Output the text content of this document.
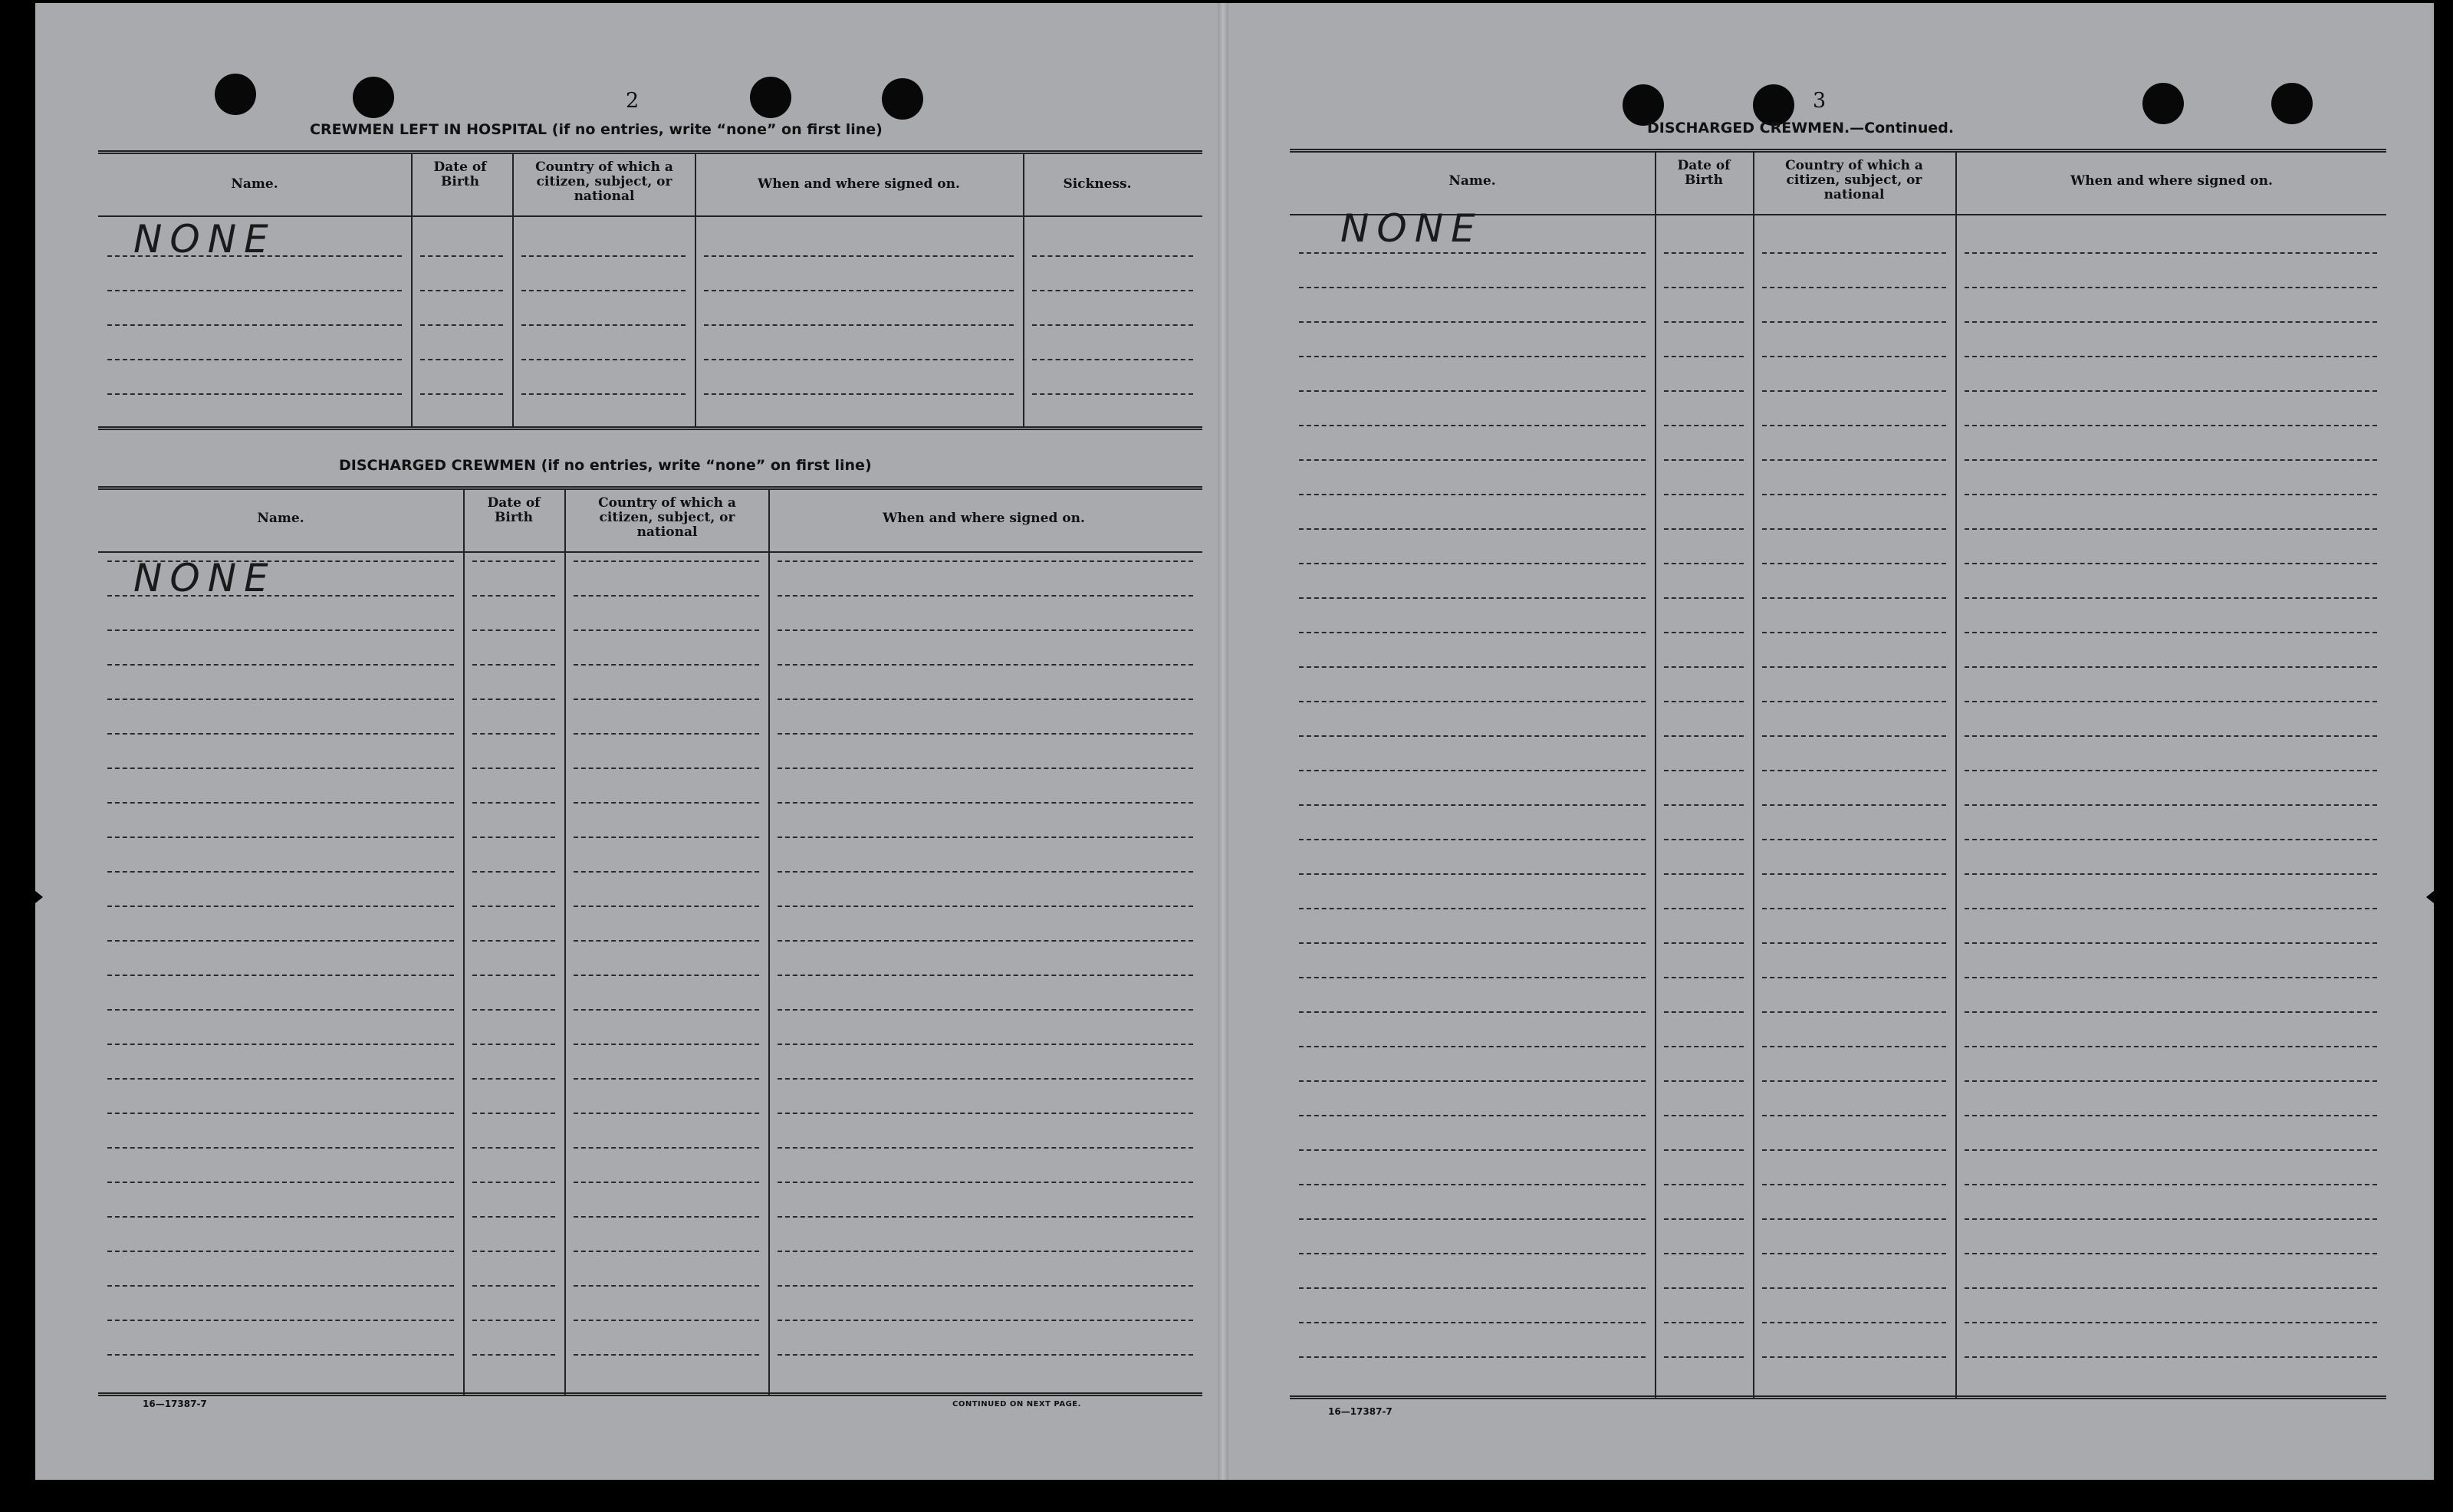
2
CREWMEN LEFT IN HOSPITAL (if no entries, write “none” on first line)
Name.
Date of Birth
Country of which a citizen, subject, or national
When and where signed on.	Sickness.
NONE
DISCHARGED CREWMEN (if no entries, write “none” on first line)
Name.
Date of Birth
Country of which a citizen, subject, or national
When and where signed on.
NONE
16—17387-7	CONTINUED ON NEXT PAGE.
3
DISCHARGED CREWMEN.—Continued.
Name.
Date of Birth
Country of which a citizen, subject, or national
When and where signed on.
NONE
16—17387-7
